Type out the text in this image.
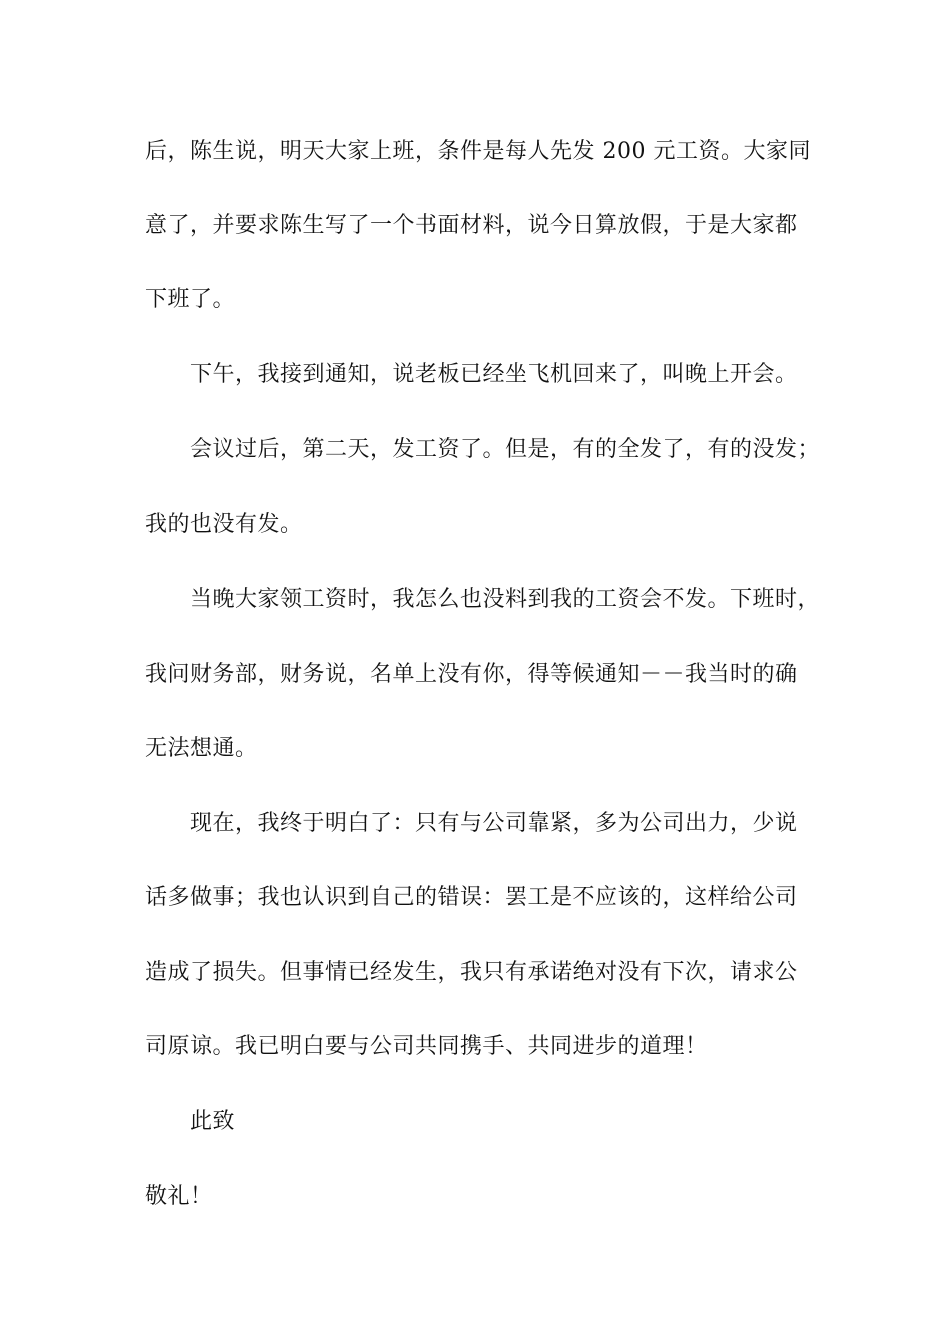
后，陈生说，明天大家上班，条件是每人先发 200 元工资。大家同
意了，并要求陈生写了一个书面材料，说今日算放假，于是大家都
下班了。
下午，我接到通知，说老板已经坐飞机回来了，叫晚上开会。
会议过后，第二天，发工资了。但是，有的全发了，有的没发；
我的也没有发。
当晚大家领工资时，我怎么也没料到我的工资会不发。下班时，
我问财务部，财务说，名单上没有你，得等候通知－－我当时的确
无法想通。
现在，我终于明白了：只有与公司靠紧，多为公司出力，少说
话多做事；我也认识到自己的错误：罢工是不应该的，这样给公司
造成了损失。但事情已经发生，我只有承诺绝对没有下次，请求公
司原谅。我已明白要与公司共同携手、共同进步的道理！
此致
敬礼！
